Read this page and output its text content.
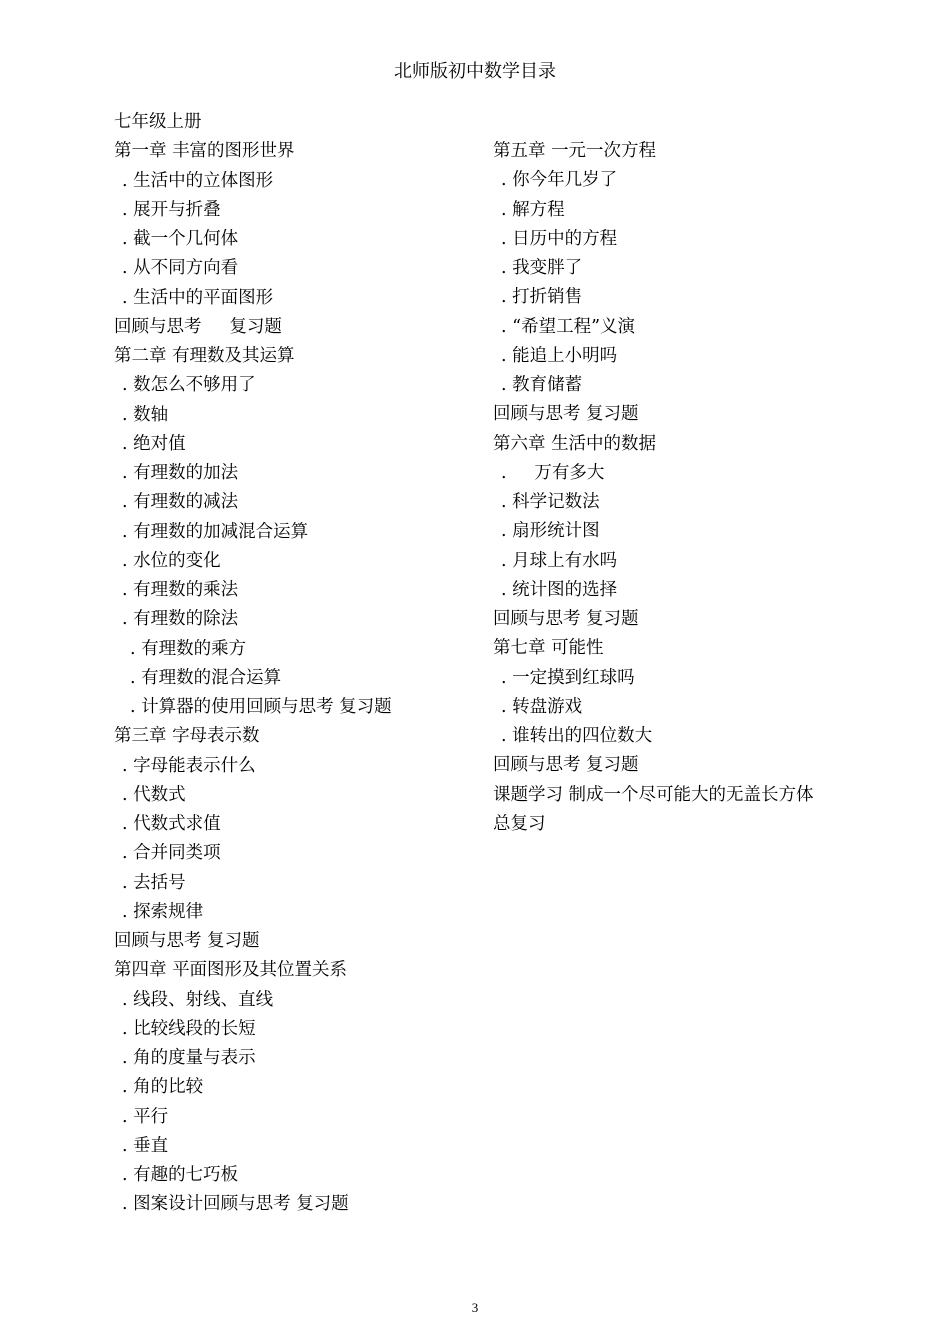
北师版初中数学目录
七年级上册
第一章 丰富的图形世界
. 生活中的立体图形
. 展开与折叠
. 截一个几何体
. 从不同方向看
. 生活中的平面图形
回顾与思考     复习题
第二章 有理数及其运算
. 数怎么不够用了
. 数轴
. 绝对值
. 有理数的加法
. 有理数的减法
. 有理数的加减混合运算
. 水位的变化
. 有理数的乘法
. 有理数的除法
. 有理数的乘方
. 有理数的混合运算
. 计算器的使用回顾与思考 复习题
第三章 字母表示数
. 字母能表示什么
. 代数式
. 代数式求值
. 合并同类项
. 去括号
. 探索规律
回顾与思考 复习题
第四章 平面图形及其位置关系
. 线段、射线、直线
. 比较线段的长短
. 角的度量与表示
. 角的比较
. 平行
. 垂直
. 有趣的七巧板
. 图案设计回顾与思考 复习题
第五章 一元一次方程
. 你今年几岁了
. 解方程
. 日历中的方程
. 我变胖了
. 打折销售
. “希望工程”义演
. 能追上小明吗
. 教育储蓄
回顾与思考 复习题
第六章 生活中的数据
.     万有多大
. 科学记数法
. 扇形统计图
. 月球上有水吗
. 统计图的选择
回顾与思考 复习题
第七章 可能性
. 一定摸到红球吗
. 转盘游戏
. 谁转出的四位数大
回顾与思考 复习题
课题学习 制成一个尽可能大的无盖长方体
总复习
3
